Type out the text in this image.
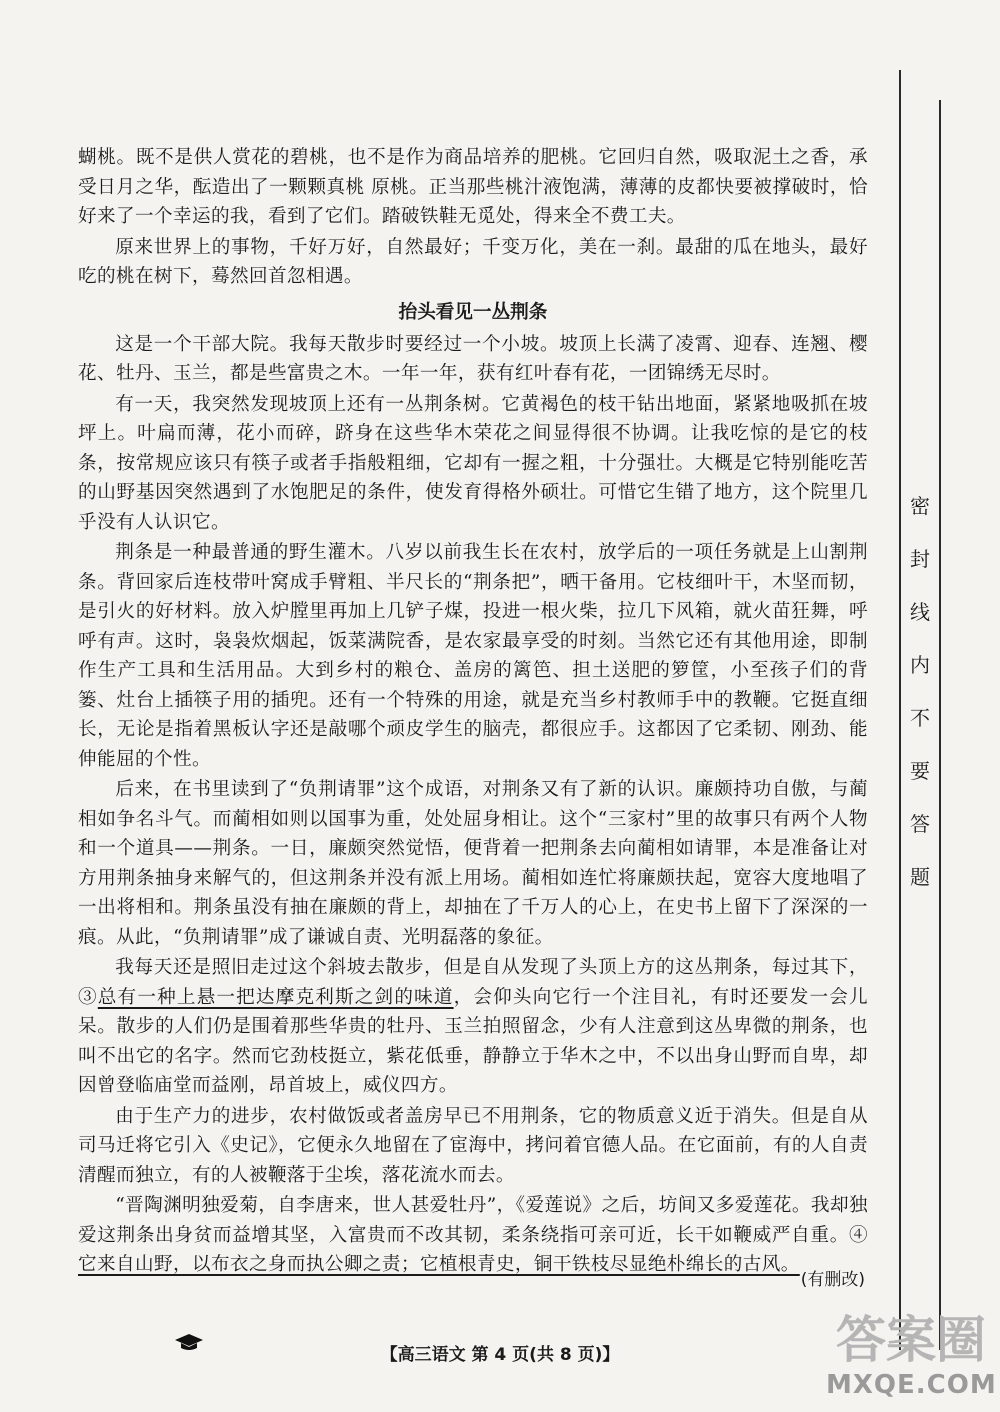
蝴桃。既不是供人赏花的碧桃，也不是作为商品培养的肥桃。它回归自然，吸取泥土之香，承受日月之华，酝造出了一颗颗真桃 原桃。正当那些桃汁液饱满，薄薄的皮都快要被撑破时，恰好来了一个幸运的我，看到了它们。踏破铁鞋无觅处，得来全不费工夫。

原来世界上的事物，千好万好，自然最好；千变万化，美在一刹。最甜的瓜在地头，最好吃的桃在树下，蓦然回首忽相遇。

抬头看见一丛荆条

这是一个干部大院。我每天散步时要经过一个小坡。坡顶上长满了凌霄、迎春、连翘、樱花、牡丹、玉兰，都是些富贵之木。一年一年，获有红叶春有花，一团锦绣无尽时。

有一天，我突然发现坡顶上还有一丛荆条树。它黄褐色的枝干钻出地面，紧紧地吸抓在坡坪上。叶扁而薄，花小而碎，跻身在这些华木荣花之间显得很不协调。让我吃惊的是它的枝条，按常规应该只有筷子或者手指般粗细，它却有一握之粗，十分强壮。大概是它特别能吃苦的山野基因突然遇到了水饱肥足的条件，使发育得格外硕壮。可惜它生错了地方，这个院里几乎没有人认识它。

荆条是一种最普通的野生灌木。八岁以前我生长在农村，放学后的一项任务就是上山割荆条。背回家后连枝带叶窝成手臂粗、半尺长的“荆条把”，晒干备用。它枝细叶干，木坚而韧，是引火的好材料。放入炉膛里再加上几铲子煤，投进一根火柴，拉几下风箱，就火苗狂舞，呼呼有声。这时，袅袅炊烟起，饭菜满院香，是农家最享受的时刻。当然它还有其他用途，即制作生产工具和生活用品。大到乡村的粮仓、盖房的篱笆、担土送肥的箩筐，小至孩子们的背篓、灶台上插筷子用的插兜。还有一个特殊的用途，就是充当乡村教师手中的教鞭。它挺直细长，无论是指着黑板认字还是敲哪个顽皮学生的脑壳，都很应手。这都因了它柔韧、刚劲、能伸能屈的个性。

后来，在书里读到了“负荆请罪”这个成语，对荆条又有了新的认识。廉颇持功自傲，与蔺相如争名斗气。而蔺相如则以国事为重，处处屈身相让。这个“三家村”里的故事只有两个人物和一个道具——荆条。一日，廉颇突然觉悟，便背着一把荆条去向蔺相如请罪，本是准备让对方用荆条抽身来解气的，但这荆条并没有派上用场。蔺相如连忙将廉颇扶起，宽容大度地唱了一出将相和。荆条虽没有抽在廉颇的背上，却抽在了千万人的心上，在史书上留下了深深的一痕。从此，“负荆请罪”成了谦诚自责、光明磊落的象征。

我每天还是照旧走过这个斜坡去散步，但是自从发现了头顶上方的这丛荆条，每过其下，③总有一种上悬一把达摩克利斯之剑的味道，会仰头向它行一个注目礼，有时还要发一会儿呆。散步的人们仍是围着那些华贵的牡丹、玉兰拍照留念，少有人注意到这丛卑微的荆条，也叫不出它的名字。然而它劲枝挺立，紫花低垂，静静立于华木之中，不以出身山野而自卑，却因曾登临庙堂而益刚，昂首坡上，威仪四方。

由于生产力的进步，农村做饭或者盖房早已不用荆条，它的物质意义近于消失。但是自从司马迁将它引入《史记》，它便永久地留在了宦海中，拷问着官德人品。在它面前，有的人自责清醒而独立，有的人被鞭落于尘埃，落花流水而去。

“晋陶渊明独爱菊，自李唐来，世人甚爱牡丹”，《爱莲说》之后，坊间又多爱莲花。我却独爱这荆条出身贫而益增其坚，入富贵而不改其韧，柔条绕指可亲可近，长干如鞭威严自重。④它来自山野，以布衣之身而执公卿之责；它植根青史，铜干铁枝尽显绝朴绵长的古风。

(有删改)
密
封
线
内
不
要
答
题
【高三语文 第 4 页(共 8 页)】	答案圈
MXQE.COM
